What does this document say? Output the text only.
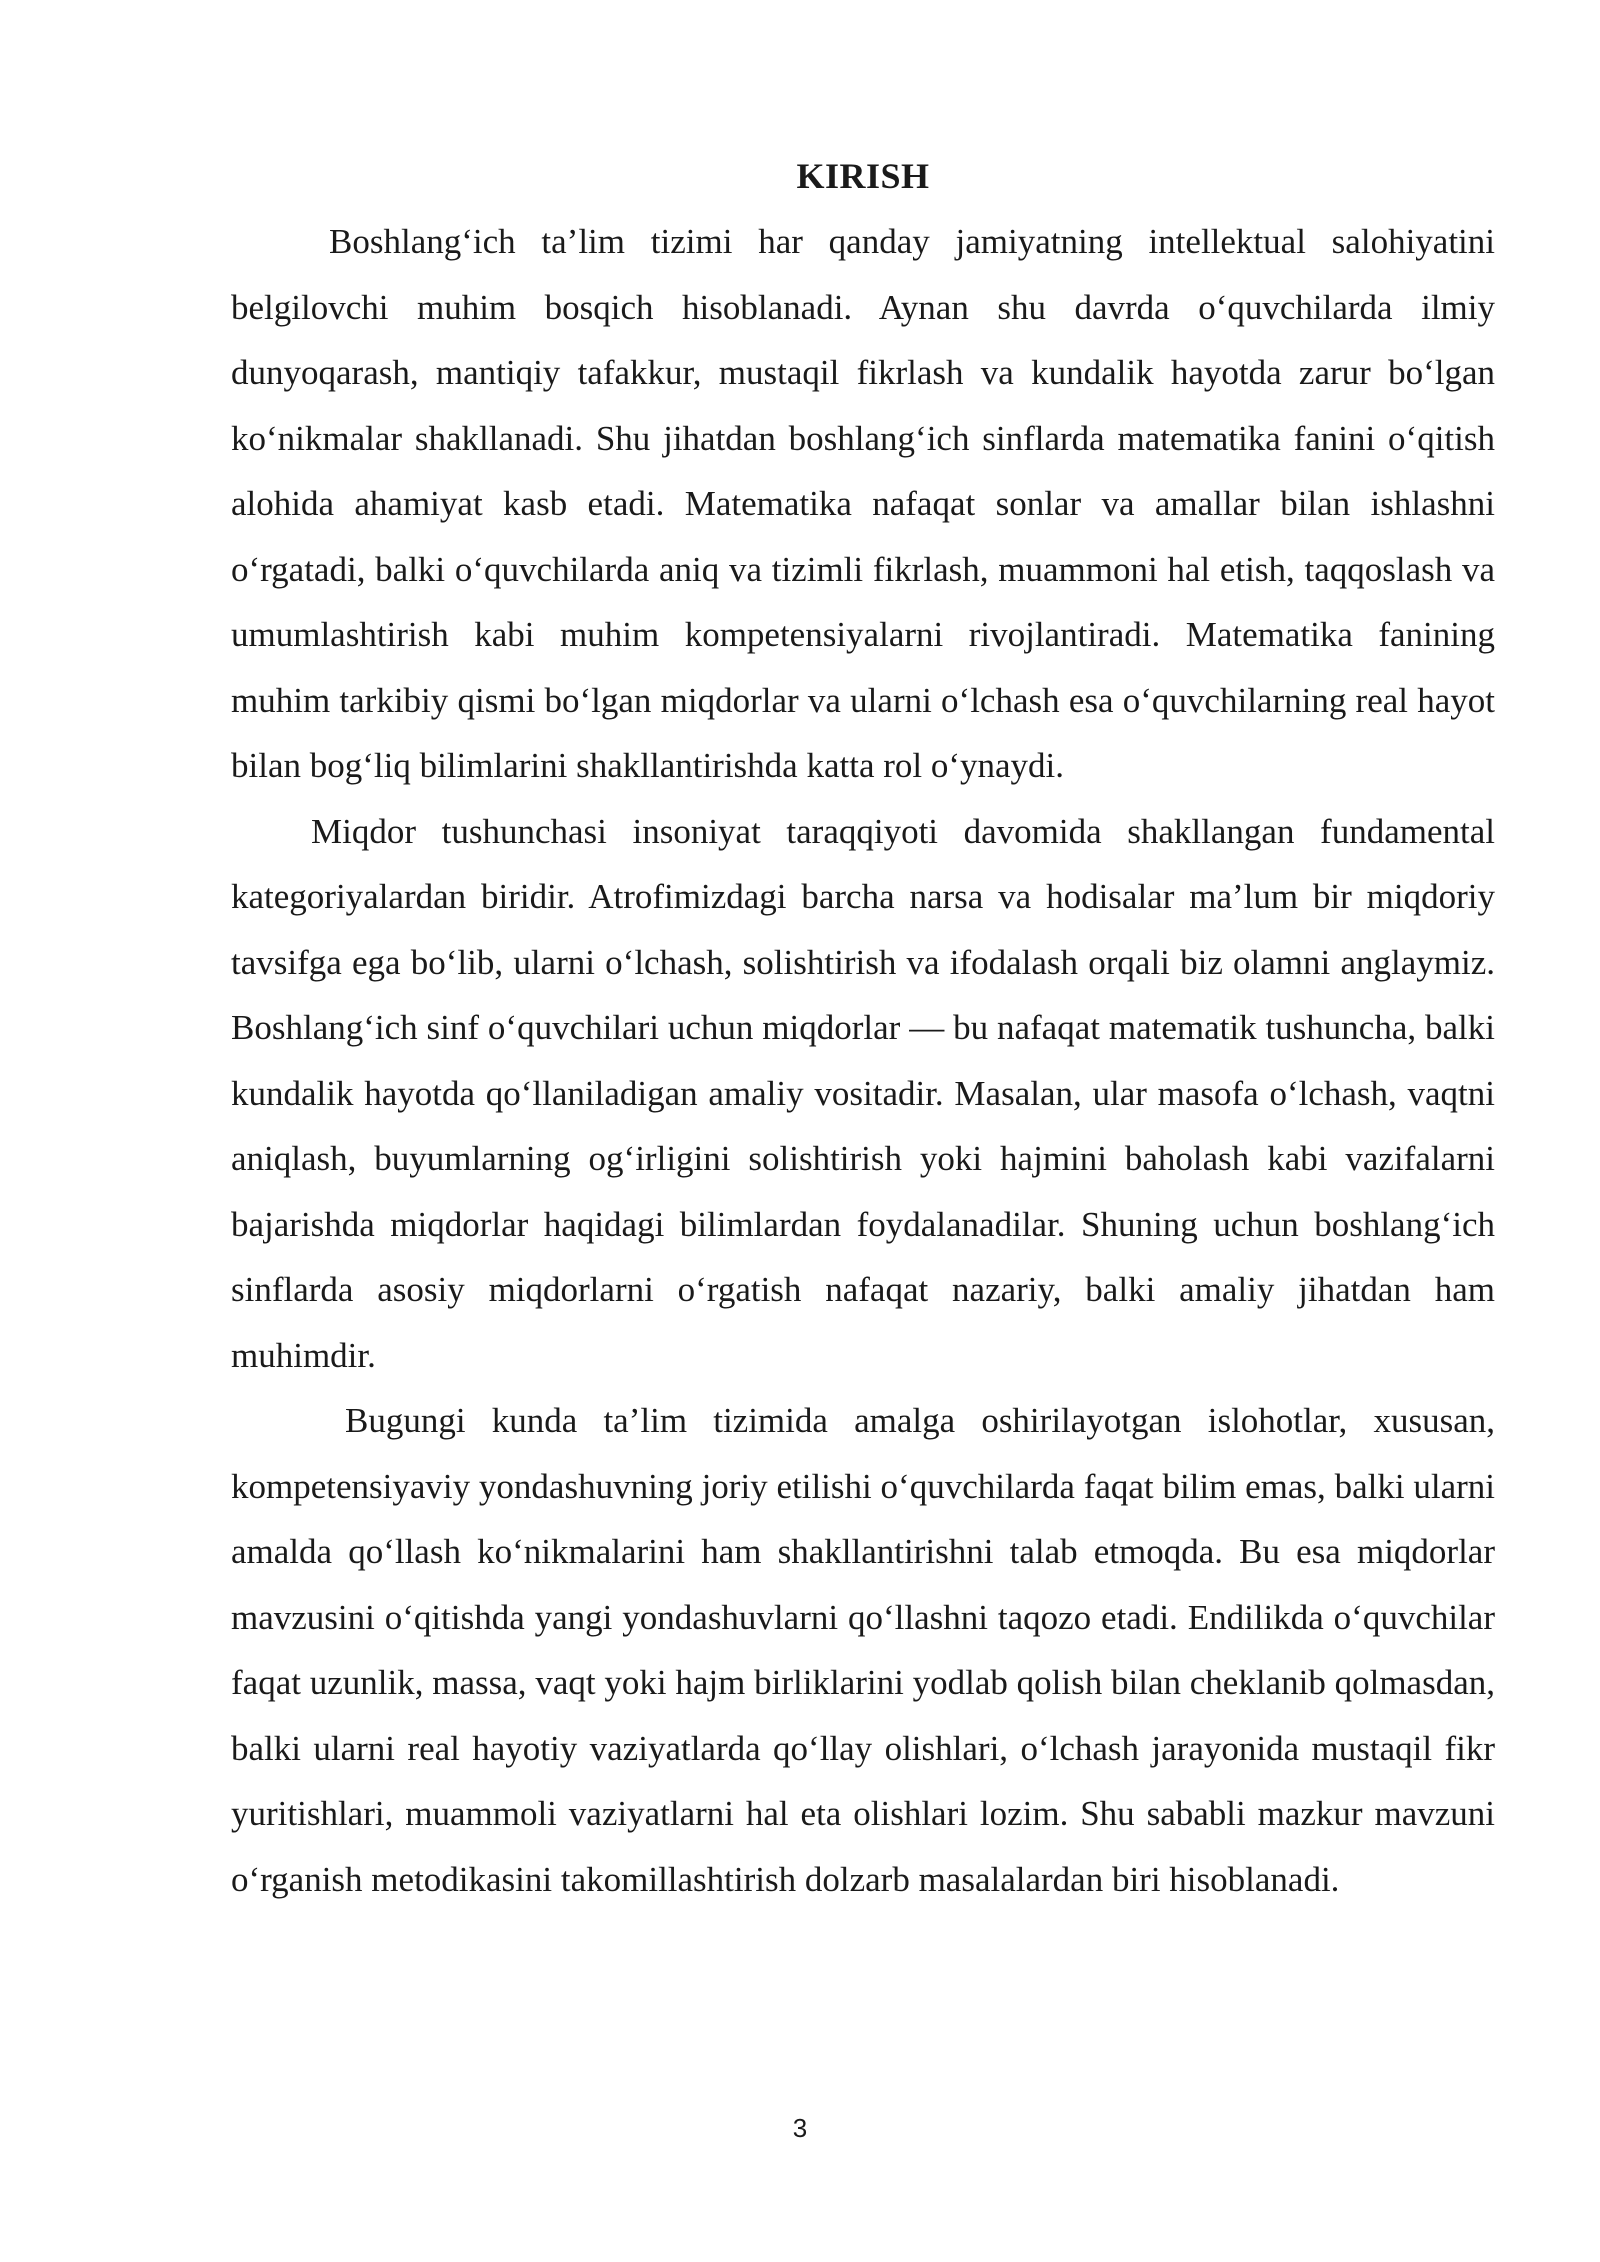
KIRISH

Boshlang‘ich ta’lim tizimi har qanday jamiyatning intellektual salohiyatini belgilovchi muhim bosqich hisoblanadi. Aynan shu davrda o‘quvchilarda ilmiy dunyoqarash, mantiqiy tafakkur, mustaqil fikrlash va kundalik hayotda zarur bo‘lgan ko‘nikmalar shakllanadi. Shu jihatdan boshlang‘ich sinflarda matematika fanini o‘qitish alohida ahamiyat kasb etadi. Matematika nafaqat sonlar va amallar bilan ishlashni o‘rgatadi, balki o‘quvchilarda aniq va tizimli fikrlash, muammoni hal etish, taqqoslash va umumlashtirish kabi muhim kompetensiyalarni rivojlantiradi. Matematika fanining muhim tarkibiy qismi bo‘lgan miqdorlar va ularni o‘lchash esa o‘quvchilarning real hayot bilan bog‘liq bilimlarini shakllantirishda katta rol o‘ynaydi.

Miqdor tushunchasi insoniyat taraqqiyoti davomida shakllangan fundamental kategoriyalardan biridir. Atrofimizdagi barcha narsa va hodisalar ma’lum bir miqdoriy tavsifga ega bo‘lib, ularni o‘lchash, solishtirish va ifodalash orqali biz olamni anglaymiz. Boshlang‘ich sinf o‘quvchilari uchun miqdorlar — bu nafaqat matematik tushuncha, balki kundalik hayotda qo‘llaniladigan amaliy vositadir. Masalan, ular masofa o‘lchash, vaqtni aniqlash, buyumlarning og‘irligini solishtirish yoki hajmini baholash kabi vazifalarni bajarishda miqdorlar haqidagi bilimlardan foydalanadilar. Shuning uchun boshlang‘ich sinflarda asosiy miqdorlarni o‘rgatish nafaqat nazariy, balki amaliy jihatdan ham muhimdir.

Bugungi kunda ta’lim tizimida amalga oshirilayotgan islohotlar, xususan, kompetensiyaviy yondashuvning joriy etilishi o‘quvchilarda faqat bilim emas, balki ularni amalda qo‘llash ko‘nikmalarini ham shakllantirishni talab etmoqda. Bu esa miqdorlar mavzusini o‘qitishda yangi yondashuvlarni qo‘llashni taqozo etadi. Endilikda o‘quvchilar faqat uzunlik, massa, vaqt yoki hajm birliklarini yodlab qolish bilan cheklanib qolmasdan, balki ularni real hayotiy vaziyatlarda qo‘llay olishlari, o‘lchash jarayonida mustaqil fikr yuritishlari, muammoli vaziyatlarni hal eta olishlari lozim. Shu sababli mazkur mavzuni o‘rganish metodikasini takomillashtirish dolzarb masalalardan biri hisoblanadi.

3
